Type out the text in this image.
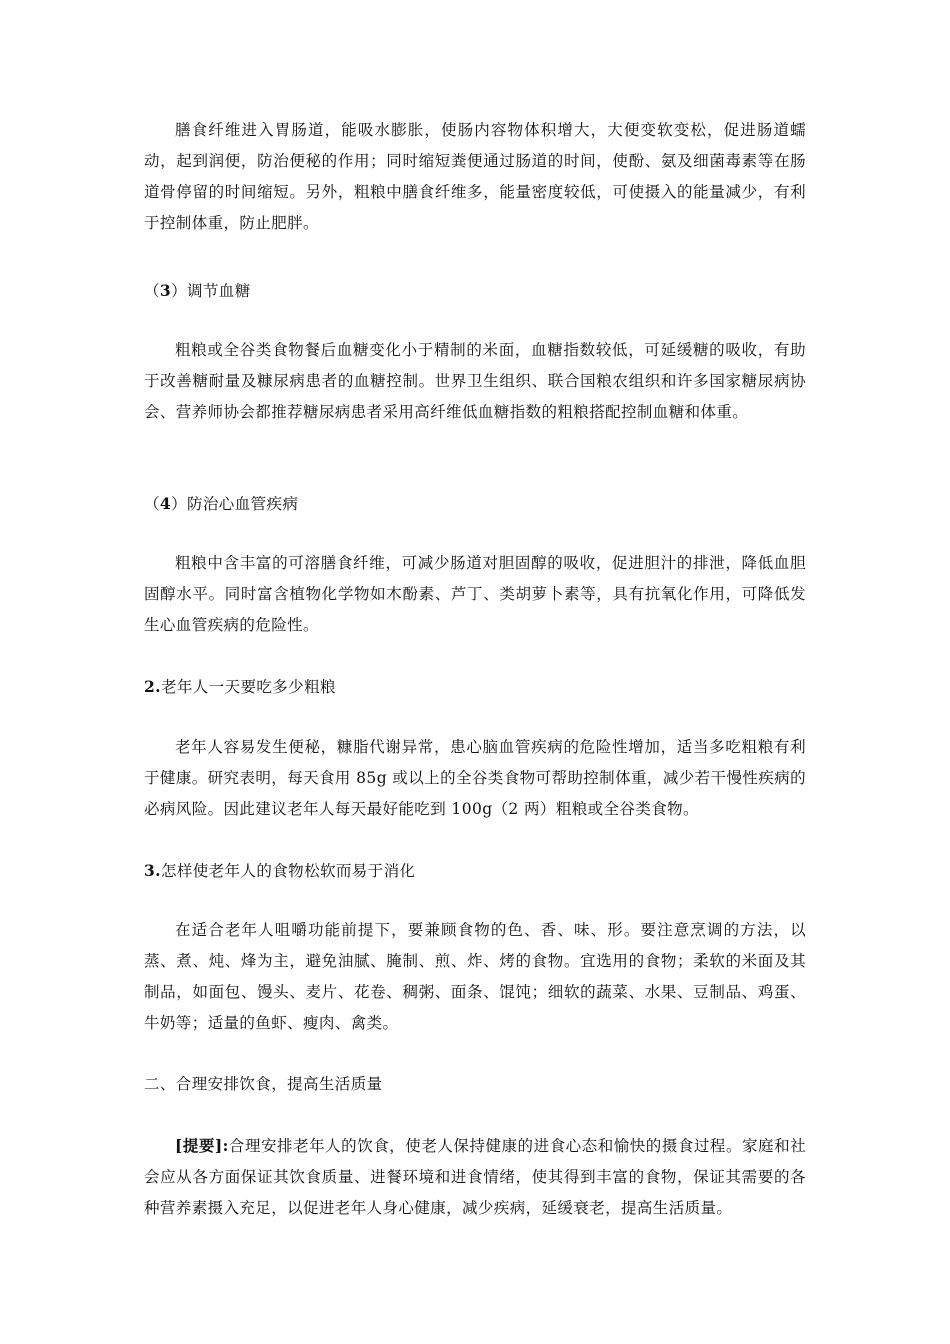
膳食纤维进入胃肠道，能吸水膨胀，使肠内容物体积增大，大便变软变松，促进肠道蠕动，起到润便，防治便秘的作用；同时缩短粪便通过肠道的时间，使酚、氨及细菌毒素等在肠道骨停留的时间缩短。另外，粗粮中膳食纤维多，能量密度较低，可使摄入的能量减少，有利于控制体重，防止肥胖。

（3）调节血糖

粗粮或全谷类食物餐后血糖变化小于精制的米面，血糖指数较低，可延缓糖的吸收，有助于改善糖耐量及糠尿病患者的血糖控制。世界卫生组织、联合国粮农组织和许多国家糖尿病协会、营养师协会都推荐糖尿病患者采用高纤维低血糖指数的粗粮搭配控制血糖和体重。

（4）防治心血管疾病

粗粮中含丰富的可溶膳食纤维，可减少肠道对胆固醇的吸收，促进胆汁的排泄，降低血胆固醇水平。同时富含植物化学物如木酚素、芦丁、类胡萝卜素等，具有抗氧化作用，可降低发生心血管疾病的危险性。

2.老年人一天要吃多少粗粮

老年人容易发生便秘，糠脂代谢异常，患心脑血管疾病的危险性增加，适当多吃粗粮有利于健康。研究表明，每天食用 85g 或以上的全谷类食物可帮助控制体重，减少若干慢性疾病的必病风险。因此建议老年人每天最好能吃到 100g（2 两）粗粮或全谷类食物。

3.怎样使老年人的食物松软而易于消化

在适合老年人咀嚼功能前提下，要兼顾食物的色、香、味、形。要注意烹调的方法，以蒸、煮、炖、烽为主，避免油腻、腌制、煎、炸、烤的食物。宜选用的食物；柔软的米面及其制品，如面包、馒头、麦片、花卷、稠粥、面条、馄饨；细软的蔬菜、水果、豆制品、鸡蛋、牛奶等；适量的鱼虾、瘦肉、禽类。

二、合理安排饮食，提高生活质量

[提要]:合理安排老年人的饮食，使老人保持健康的进食心态和愉快的摄食过程。家庭和社会应从各方面保证其饮食质量、进餐环境和进食情绪，使其得到丰富的食物，保证其需要的各种营养素摄入充足，以促进老年人身心健康，减少疾病，延缓衰老，提高生活质量。
